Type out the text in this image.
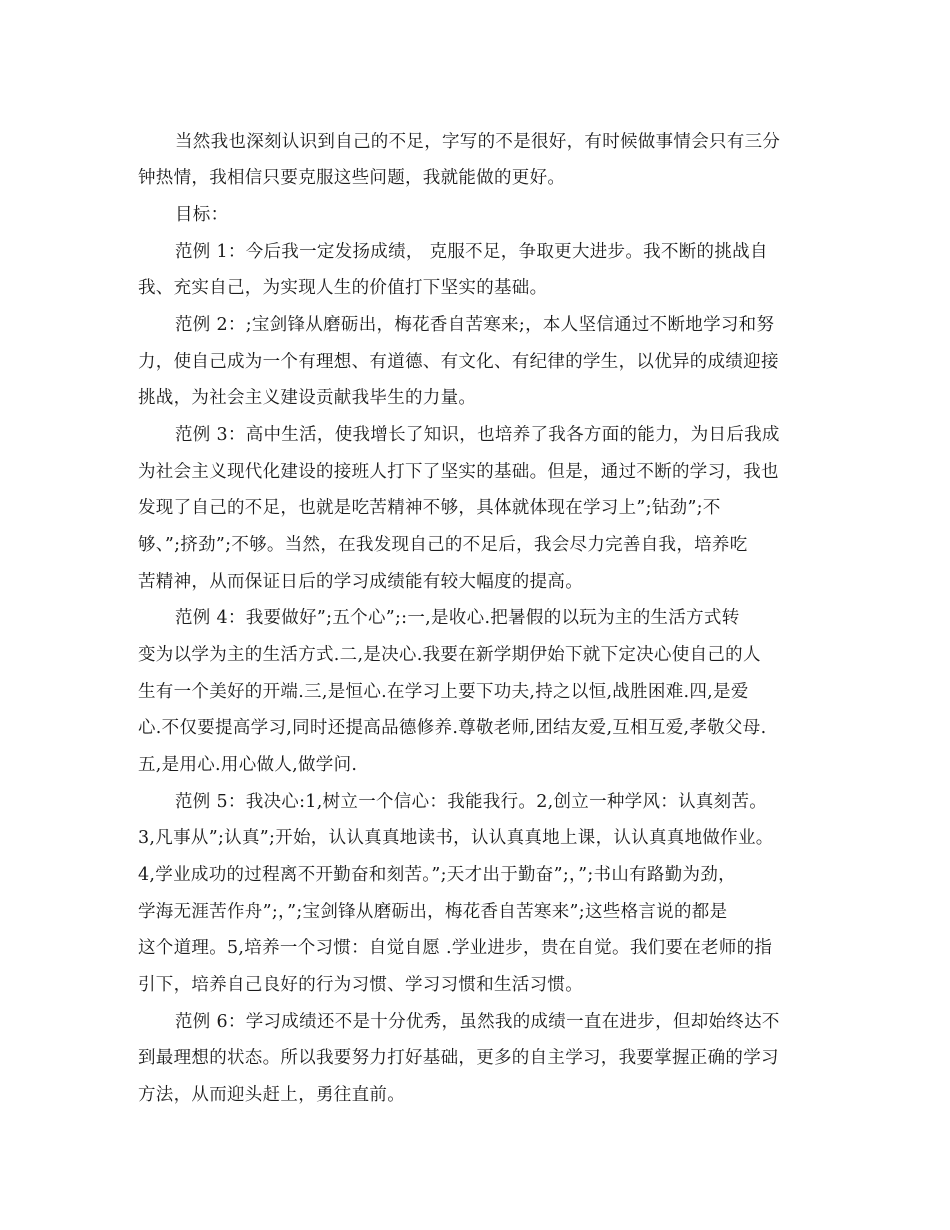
当然我也深刻认识到自己的不足，字写的不是很好，有时候做事情会只有三分
钟热情，我相信只要克服这些问题，我就能做的更好。
目标：
范例 1：今后我一定发扬成绩， 克服不足，争取更大进步。我不断的挑战自
我、充实自己，为实现人生的价值打下坚实的基础。
范例 2：;宝剑锋从磨砺出，梅花香自苦寒来;，本人坚信通过不断地学习和努
力，使自己成为一个有理想、有道德、有文化、有纪律的学生，以优异的成绩迎接
挑战，为社会主义建设贡献我毕生的力量。
范例 3：高中生活，使我增长了知识，也培养了我各方面的能力，为日后我成
为社会主义现代化建设的接班人打下了坚实的基础。但是，通过不断的学习，我也
发现了自己的不足，也就是吃苦精神不够，具体就体现在学习上”;钻劲”;不
够、”;挤劲”;不够。当然，在我发现自己的不足后，我会尽力完善自我，培养吃
苦精神，从而保证日后的学习成绩能有较大幅度的提高。
范例 4：我要做好”;五个心”;:一,是收心.把暑假的以玩为主的生活方式转
变为以学为主的生活方式.二,是决心.我要在新学期伊始下就下定决心使自己的人
生有一个美好的开端.三,是恒心.在学习上要下功夫,持之以恒,战胜困难.四,是爱
心.不仅要提高学习,同时还提高品德修养.尊敬老师,团结友爱,互相互爱,孝敬父母.
五,是用心.用心做人,做学问.
范例 5：我决心:1,树立一个信心：我能我行。2,创立一种学风：认真刻苦。
3,凡事从”;认真”;开始，认认真真地读书，认认真真地上课，认认真真地做作业。
4,学业成功的过程离不开勤奋和刻苦。”;天才出于勤奋”;，”;书山有路勤为劲，
学海无涯苦作舟”;，”;宝剑锋从磨砺出，梅花香自苦寒来”;这些格言说的都是
这个道理。5,培养一个习惯：自觉自愿 .学业进步，贵在自觉。我们要在老师的指
引下，培养自己良好的行为习惯、学习习惯和生活习惯。
范例 6：学习成绩还不是十分优秀，虽然我的成绩一直在进步，但却始终达不
到最理想的状态。所以我要努力打好基础，更多的自主学习，我要掌握正确的学习
方法，从而迎头赶上，勇往直前。
